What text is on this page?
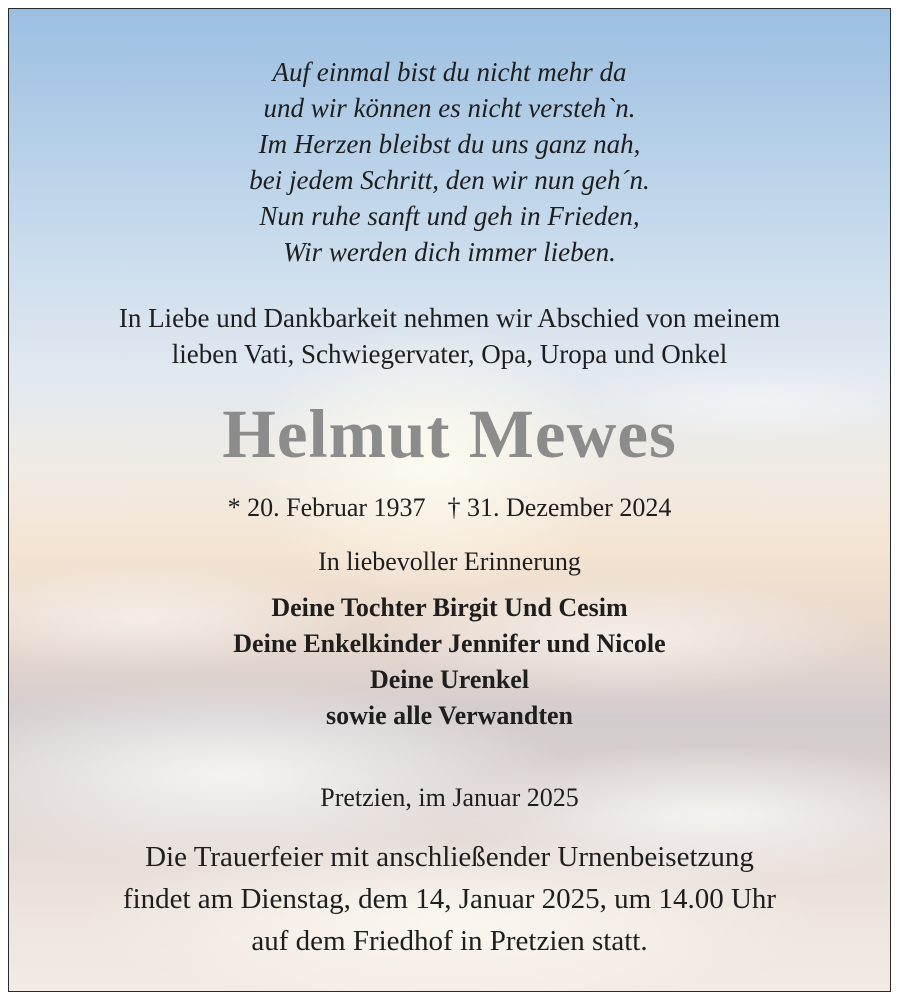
Auf einmal bist du nicht mehr da

und wir können es nicht versteh`n.

Im Herzen bleibst du uns ganz nah,

bei jedem Schritt, den wir nun geh´n.

Nun ruhe sanft und geh in Frieden,

Wir werden dich immer lieben.

In Liebe und Dankbarkeit nehmen wir Abschied von meinem

lieben Vati, Schwiegervater, Opa, Uropa und Onkel

Helmut Mewes

* 20. Februar 1937 † 31. Dezember 2024

In liebevoller Erinnerung

Deine Tochter Birgit Und Cesim

Deine Enkelkinder Jennifer und Nicole

Deine Urenkel

sowie alle Verwandten

Pretzien, im Januar 2025

Die Trauerfeier mit anschließender Urnenbeisetzung

findet am Dienstag, dem 14, Januar 2025, um 14.00 Uhr

auf dem Friedhof in Pretzien statt.
